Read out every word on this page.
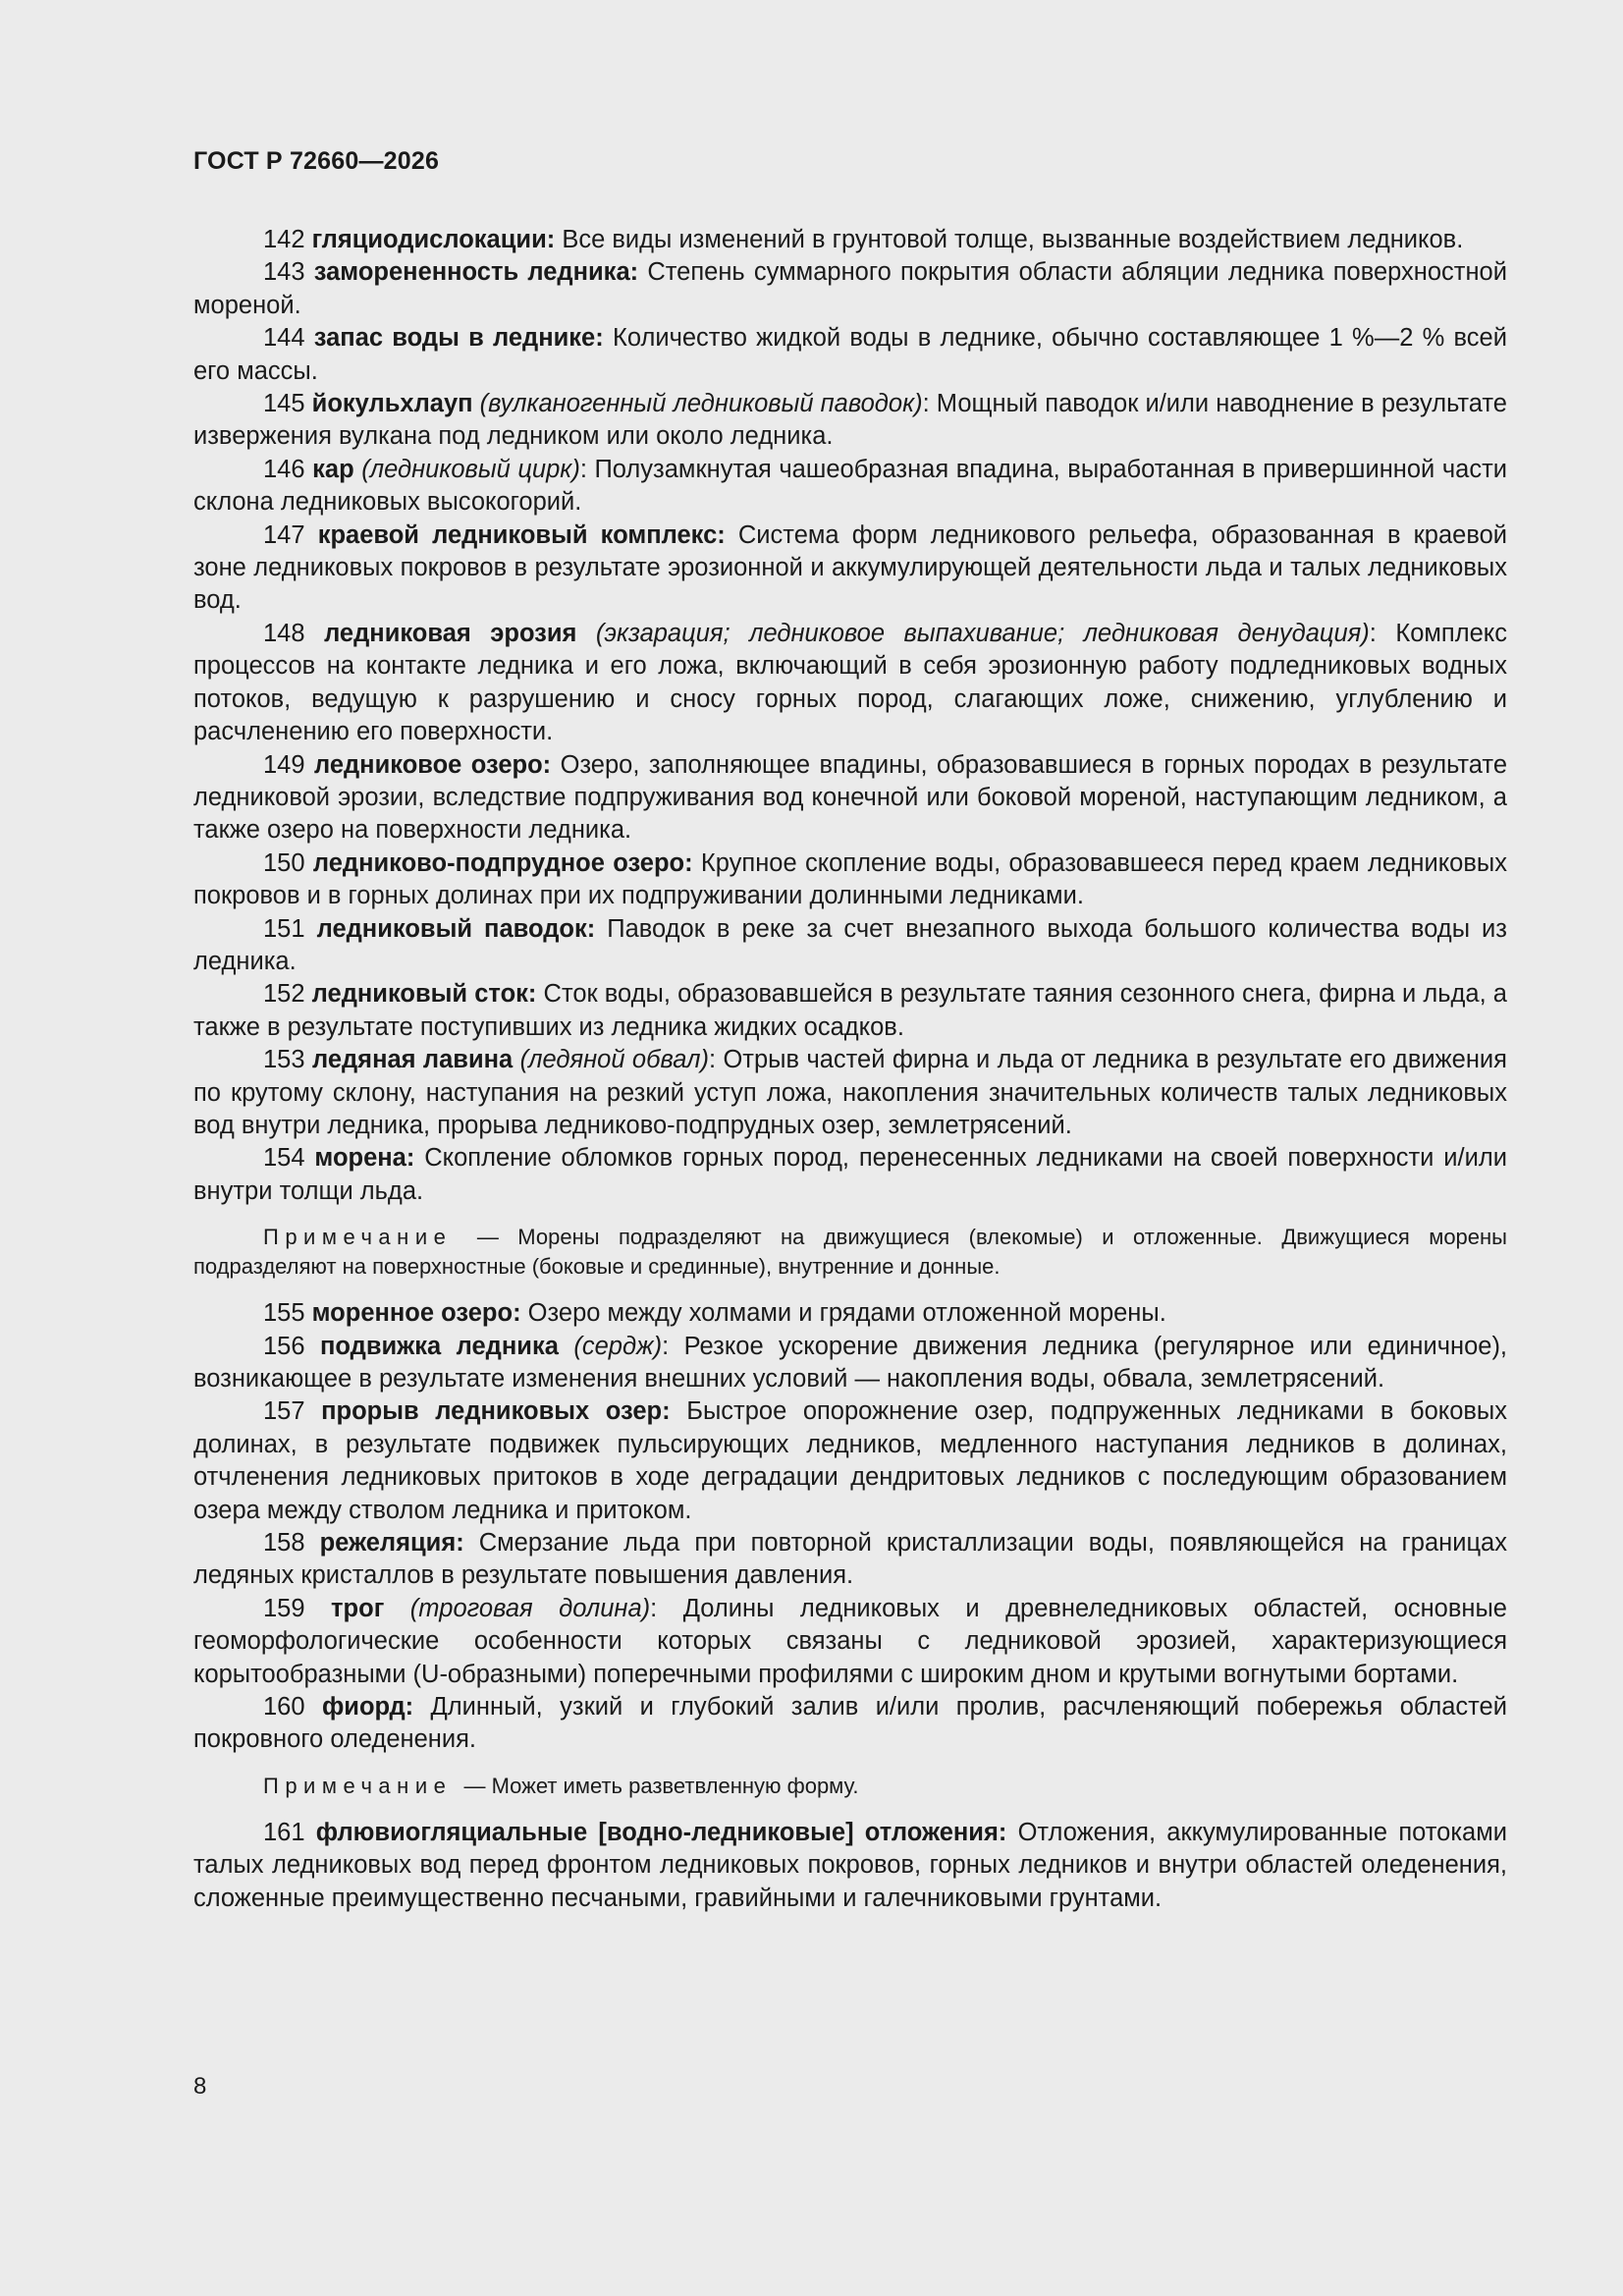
ГОСТ Р 72660—2026

142 гляциодислокации: Все виды изменений в грунтовой толще, вызванные воздействием ледников.

143 заморененность ледника: Степень суммарного покрытия области абляции ледника поверхностной мореной.

144 запас воды в леднике: Количество жидкой воды в леднике, обычно составляющее 1 %—2 % всей его массы.

145 йокульхлауп (вулканогенный ледниковый паводок): Мощный паводок и/или наводнение в результате извержения вулкана под ледником или около ледника.

146 кар (ледниковый цирк): Полузамкнутая чашеобразная впадина, выработанная в привершинной части склона ледниковых высокогорий.

147 краевой ледниковый комплекс: Система форм ледникового рельефа, образованная в краевой зоне ледниковых покровов в результате эрозионной и аккумулирующей деятельности льда и талых ледниковых вод.

148 ледниковая эрозия (экзарация; ледниковое выпахивание; ледниковая денудация): Комплекс процессов на контакте ледника и его ложа, включающий в себя эрозионную работу подледниковых водных потоков, ведущую к разрушению и сносу горных пород, слагающих ложе, снижению, углублению и расчленению его поверхности.

149 ледниковое озеро: Озеро, заполняющее впадины, образовавшиеся в горных породах в результате ледниковой эрозии, вследствие подпруживания вод конечной или боковой мореной, наступающим ледником, а также озеро на поверхности ледника.

150 ледниково-подпрудное озеро: Крупное скопление воды, образовавшееся перед краем ледниковых покровов и в горных долинах при их подпруживании долинными ледниками.

151 ледниковый паводок: Паводок в реке за счет внезапного выхода большого количества воды из ледника.

152 ледниковый сток: Сток воды, образовавшейся в результате таяния сезонного снега, фирна и льда, а также в результате поступивших из ледника жидких осадков.

153 ледяная лавина (ледяной обвал): Отрыв частей фирна и льда от ледника в результате его движения по крутому склону, наступания на резкий уступ ложа, накопления значительных количеств талых ледниковых вод внутри ледника, прорыва ледниково-подпрудных озер, землетрясений.

154 морена: Скопление обломков горных пород, перенесенных ледниками на своей поверхности и/или внутри толщи льда.

Примечание — Морены подразделяют на движущиеся (влекомые) и отложенные. Движущиеся морены подразделяют на поверхностные (боковые и срединные), внутренние и донные.

155 моренное озеро: Озеро между холмами и грядами отложенной морены.

156 подвижка ледника (сердж): Резкое ускорение движения ледника (регулярное или единичное), возникающее в результате изменения внешних условий — накопления воды, обвала, землетрясений.

157 прорыв ледниковых озер: Быстрое опорожнение озер, подпруженных ледниками в боковых долинах, в результате подвижек пульсирующих ледников, медленного наступания ледников в долинах, отчленения ледниковых притоков в ходе деградации дендритовых ледников с последующим образованием озера между стволом ледника и притоком.

158 режеляция: Смерзание льда при повторной кристаллизации воды, появляющейся на границах ледяных кристаллов в результате повышения давления.

159 трог (троговая долина): Долины ледниковых и древнеледниковых областей, основные геоморфологические особенности которых связаны с ледниковой эрозией, характеризующиеся корытообразными (U-образными) поперечными профилями с широким дном и крутыми вогнутыми бортами.

160 фиорд: Длинный, узкий и глубокий залив и/или пролив, расчленяющий побережья областей покровного оледенения.

Примечание — Может иметь разветвленную форму.

161 флювиогляциальные [водно-ледниковые] отложения: Отложения, аккумулированные потоками талых ледниковых вод перед фронтом ледниковых покровов, горных ледников и внутри областей оледенения, сложенные преимущественно песчаными, гравийными и галечниковыми грунтами.

8
